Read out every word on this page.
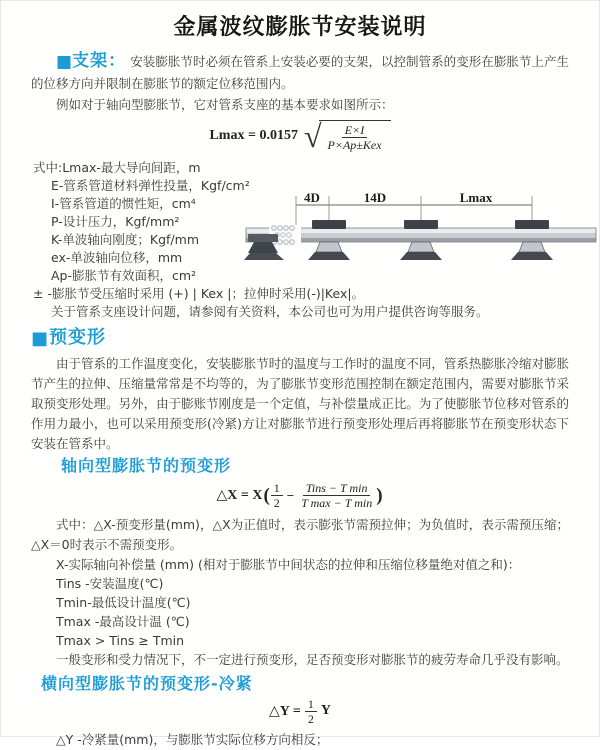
金属波纹膨胀节安装说明

■支架： 安装膨胀节时必须在管系上安装必要的支架，以控制管系的变形在膨胀节上产生的位移方向并限制在膨胀节的额定位移范围内。

例如对于轴向型膨胀节，它对管系支座的基本要求如图所示：

Lmax = 0.0157 √ $\frac{E\times I}{\text{P×Ap±Kex}}$
式中:Lmax-最大导向间距，m
E-管系管道材料弹性投量，Kgf/cm²
I-管系管道的惯性矩，cm⁴
P-设计压力，Kgf/mm²
K-单波轴向刚度；Kgf/mm
ex-单波轴向位移，mm
Ap-膨胀节有效面积，cm²
± -膨胀节受压缩时采用 (+) | Kex |；拉伸时采用(-)|Kex|。
关于管系支座设计问题，请参阅有关资料，本公司也可为用户提供咨询等服务。
4D	14D	Lmax
■预变形

由于管系的工作温度变化，安装膨胀节时的温度与工作时的温度不同，管系热膨胀冷缩对膨胀节产生的拉伸、压缩量常常是不均等的，为了膨胀节变形范围控制在额定范围内，需要对膨胀节采取预变形处理。另外，由于膨账节刚度是一个定值，与补偿量成正比。为了使膨胀节位移对管系的作用力最小，也可以采用预变形(冷紧)方让对膨胀节进行预变形处理后再将膨胀节在预变形状态下安装在管系中。

轴向型膨胀节的预变形
△X = X ( $\frac{1}{2} - \frac{\text{Tins − T min}}{\text{T max − T min}}$ )

式中：△X-预变形量(mm)，△X为正值时，表示膨张节需预拉伸；为负值时，表示需预压缩；△X＝0时表示不需预变形。

X-实际轴向补偿量 (mm) (相对于膨胀节中间状态的拉伸和压缩位移量绝对值之和)：
Tins -安装温度(℃)
Tmin-最低设计温度(℃)
Tmax -最高设计温 (℃)
Tmax > Tins ≥ Tmin

一般变形和受力情况下，不一定进行预变形，足否预变形对膨胀节的疲劳寿命几乎没有影响。

横向型膨胀节的预变形-冷紧
△Y =
$\frac{1}{2}$ Y

△Y -冷紧量(mm)，与膨胀节实际位移方向相反；
